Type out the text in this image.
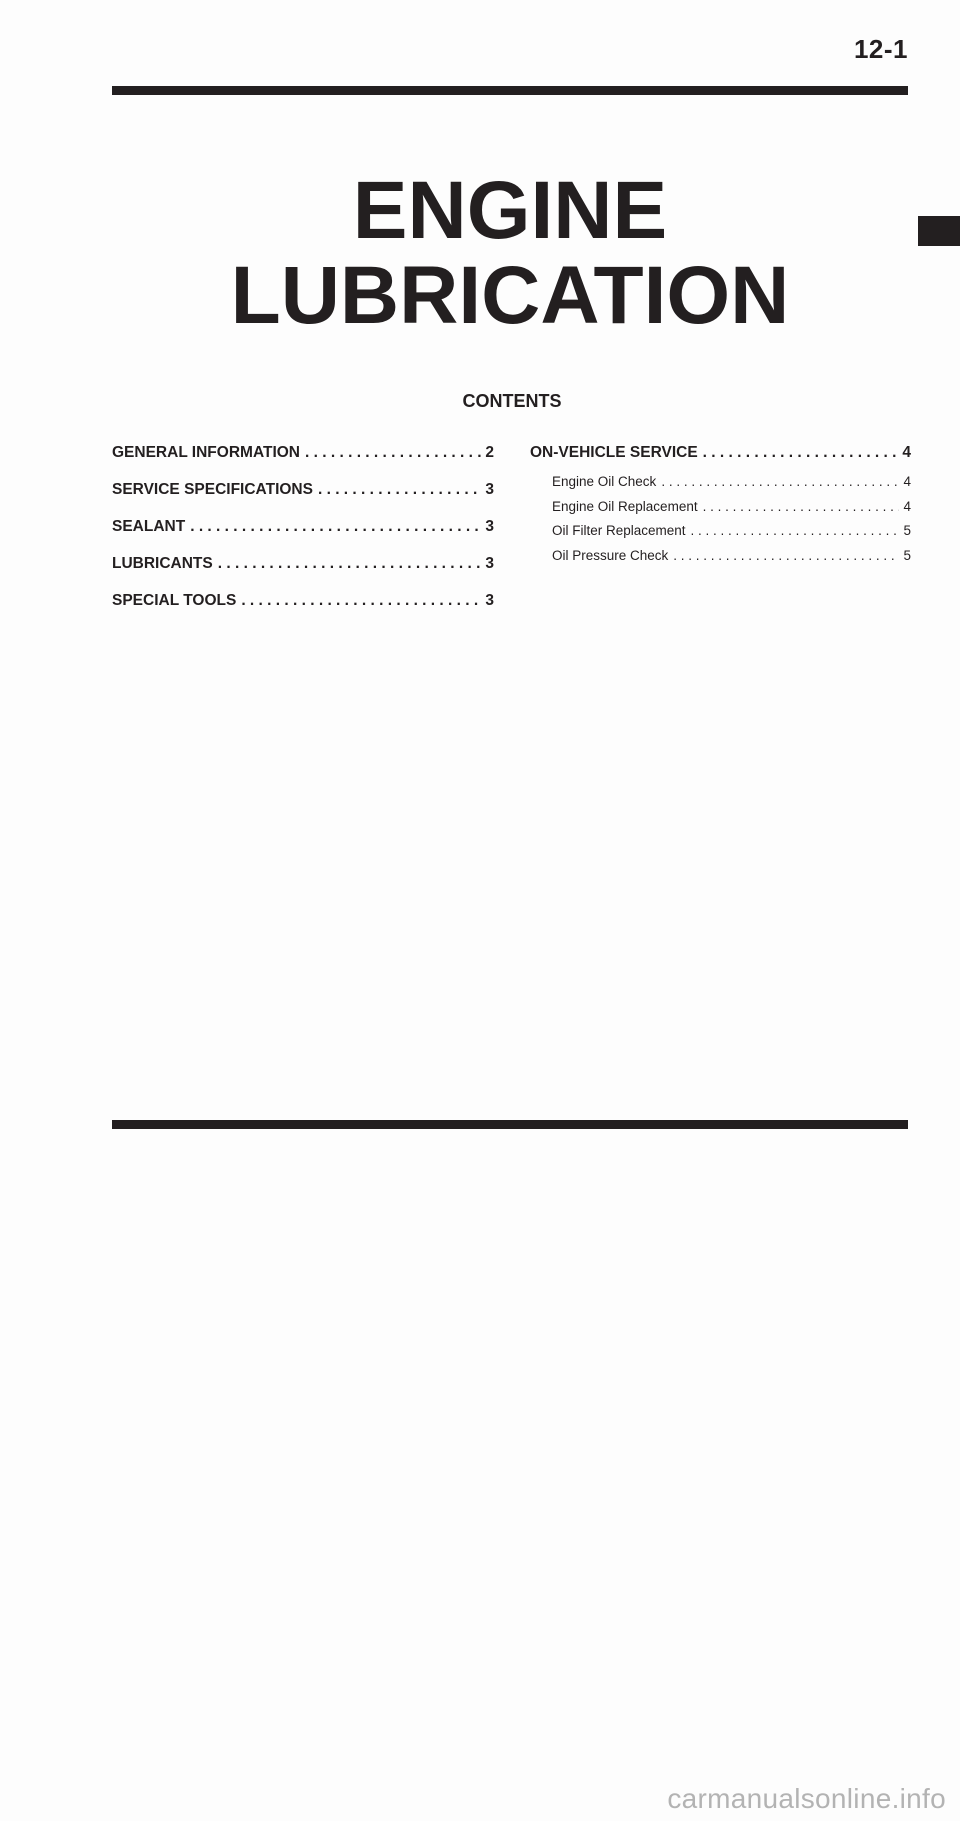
12-1
ENGINE
LUBRICATION
CONTENTS
GENERAL INFORMATION . . .	2
SERVICE SPECIFICATIONS . . .	3
SEALANT . . .	3
LUBRICANTS . . .	3
SPECIAL TOOLS . . .	3
ON-VEHICLE SERVICE . . .	4
Engine Oil Check . . .	4
Engine Oil Replacement . . .	4
Oil Filter Replacement . . .	5
Oil Pressure Check . . .	5
carmanualsonline.info
